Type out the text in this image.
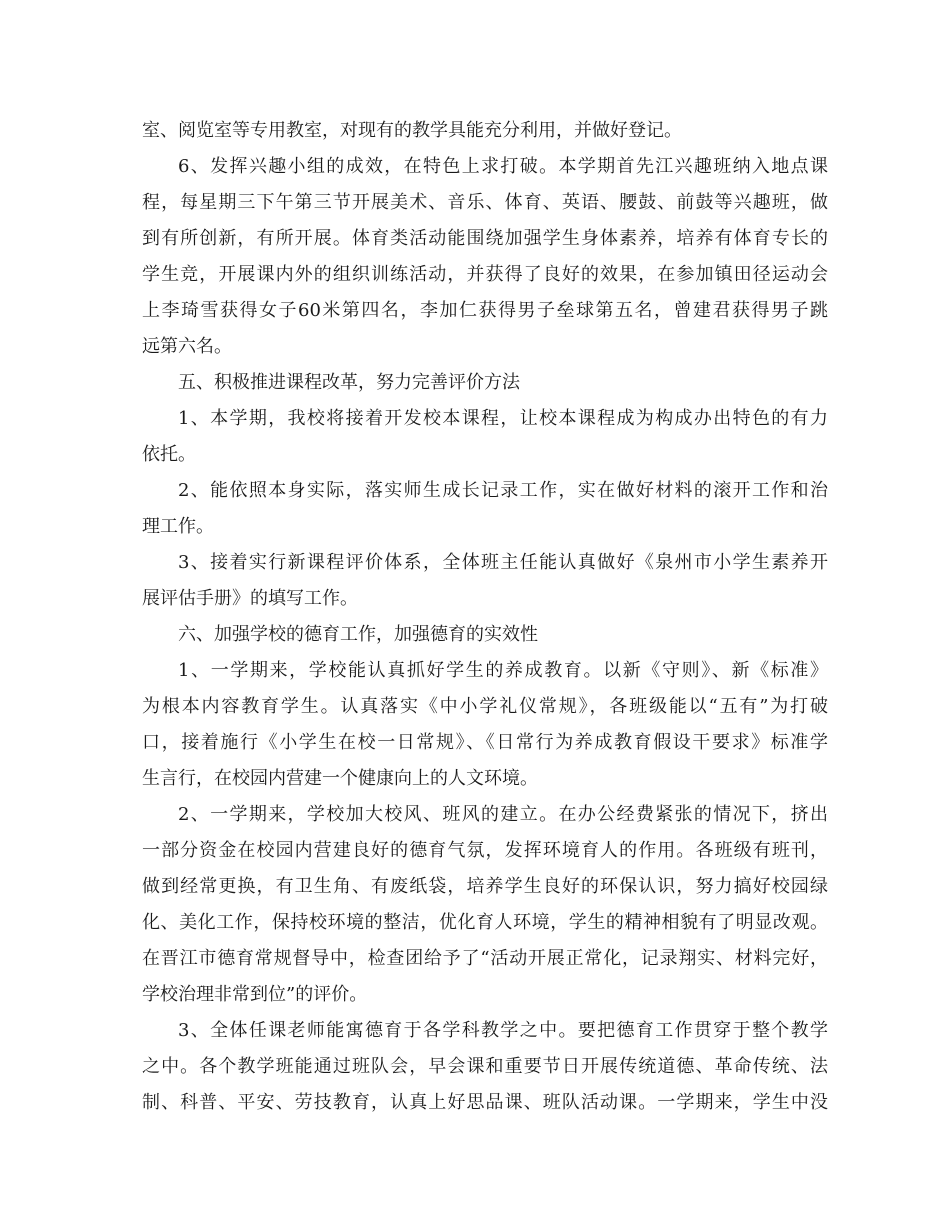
室、阅览室等专用教室，对现有的教学具能充分利用，并做好登记。
6、发挥兴趣小组的成效，在特色上求打破。本学期首先江兴趣班纳入地点课
程，每星期三下午第三节开展美术、音乐、体育、英语、腰鼓、前鼓等兴趣班，做
到有所创新，有所开展。体育类活动能围绕加强学生身体素养，培养有体育专长的
学生竞，开展课内外的组织训练活动，并获得了良好的效果，在参加镇田径运动会
上李琦雪获得女子60米第四名，李加仁获得男子垒球第五名，曾建君获得男子跳
远第六名。
五、积极推进课程改革，努力完善评价方法
1、本学期，我校将接着开发校本课程，让校本课程成为构成办出特色的有力
依托。
2、能依照本身实际，落实师生成长记录工作，实在做好材料的滚开工作和治
理工作。
3、接着实行新课程评价体系，全体班主任能认真做好《泉州市小学生素养开
展评估手册》的填写工作。
六、加强学校的德育工作，加强德育的实效性
1、一学期来，学校能认真抓好学生的养成教育。以新《守则》、新《标准》
为根本内容教育学生。认真落实《中小学礼仪常规》，各班级能以“五有”为打破
口，接着施行《小学生在校一日常规》、《日常行为养成教育假设干要求》标准学
生言行，在校园内营建一个健康向上的人文环境。
2、一学期来，学校加大校风、班风的建立。在办公经费紧张的情况下，挤出
一部分资金在校园内营建良好的德育气氛，发挥环境育人的作用。各班级有班刊，
做到经常更换，有卫生角、有废纸袋，培养学生良好的环保认识，努力搞好校园绿
化、美化工作，保持校环境的整洁，优化育人环境，学生的精神相貌有了明显改观。
在晋江市德育常规督导中，检查团给予了“活动开展正常化，记录翔实、材料完好，
学校治理非常到位”的评价。
3、全体任课老师能寓德育于各学科教学之中。要把德育工作贯穿于整个教学
之中。各个教学班能通过班队会，早会课和重要节日开展传统道德、革命传统、法
制、科普、平安、劳技教育，认真上好思品课、班队活动课。一学期来，学生中没
